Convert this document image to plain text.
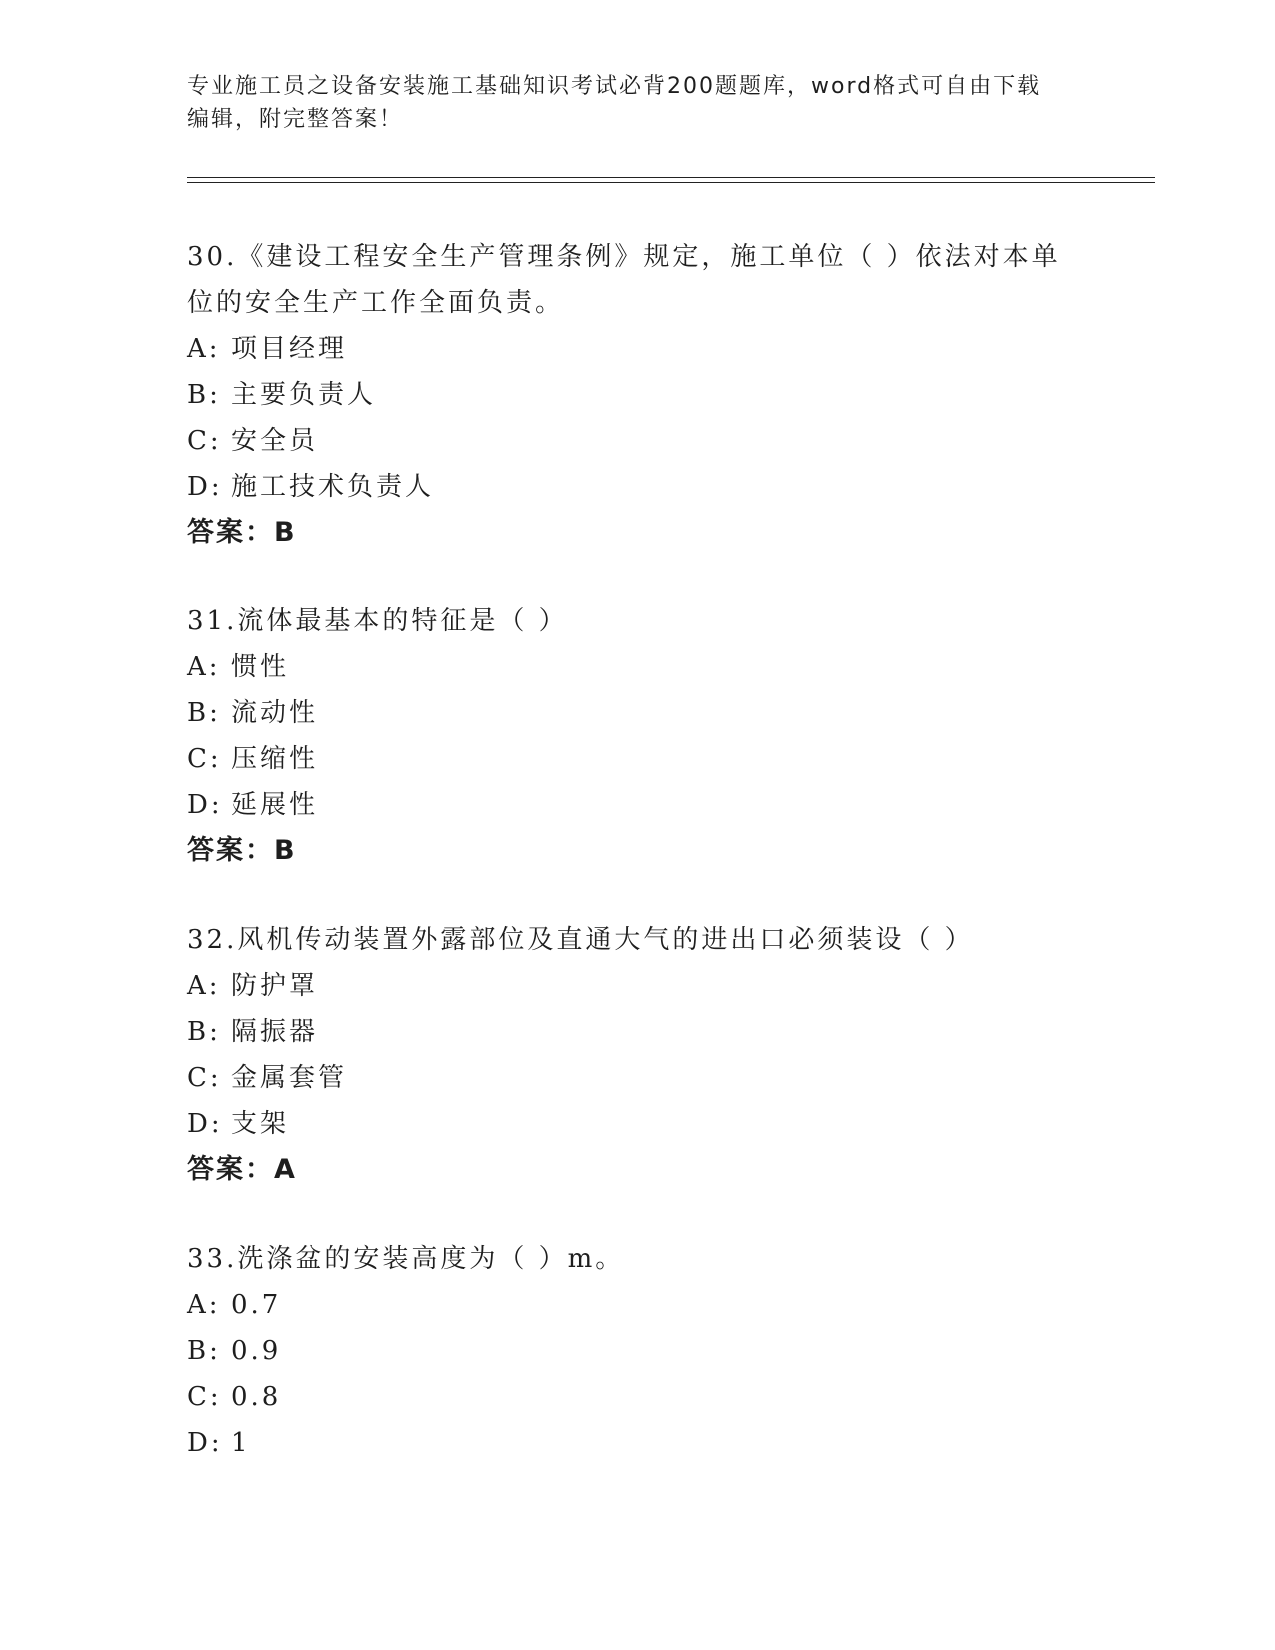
专业施工员之设备安装施工基础知识考试必背200题题库，word格式可自由下载
编辑，附完整答案！
30.《建设工程安全生产管理条例》规定，施工单位（ ）依法对本单
位的安全生产工作全面负责。
A: 项目经理
B: 主要负责人
C: 安全员
D: 施工技术负责人
答案：B
31.流体最基本的特征是（ ）
A: 惯性
B: 流动性
C: 压缩性
D: 延展性
答案：B
32.风机传动装置外露部位及直通大气的进出口必须装设（ ）
A: 防护罩
B: 隔振器
C: 金属套管
D: 支架
答案：A
33.洗涤盆的安装高度为（ ）m。
A: 0.7
B: 0.9
C: 0.8
D: 1
